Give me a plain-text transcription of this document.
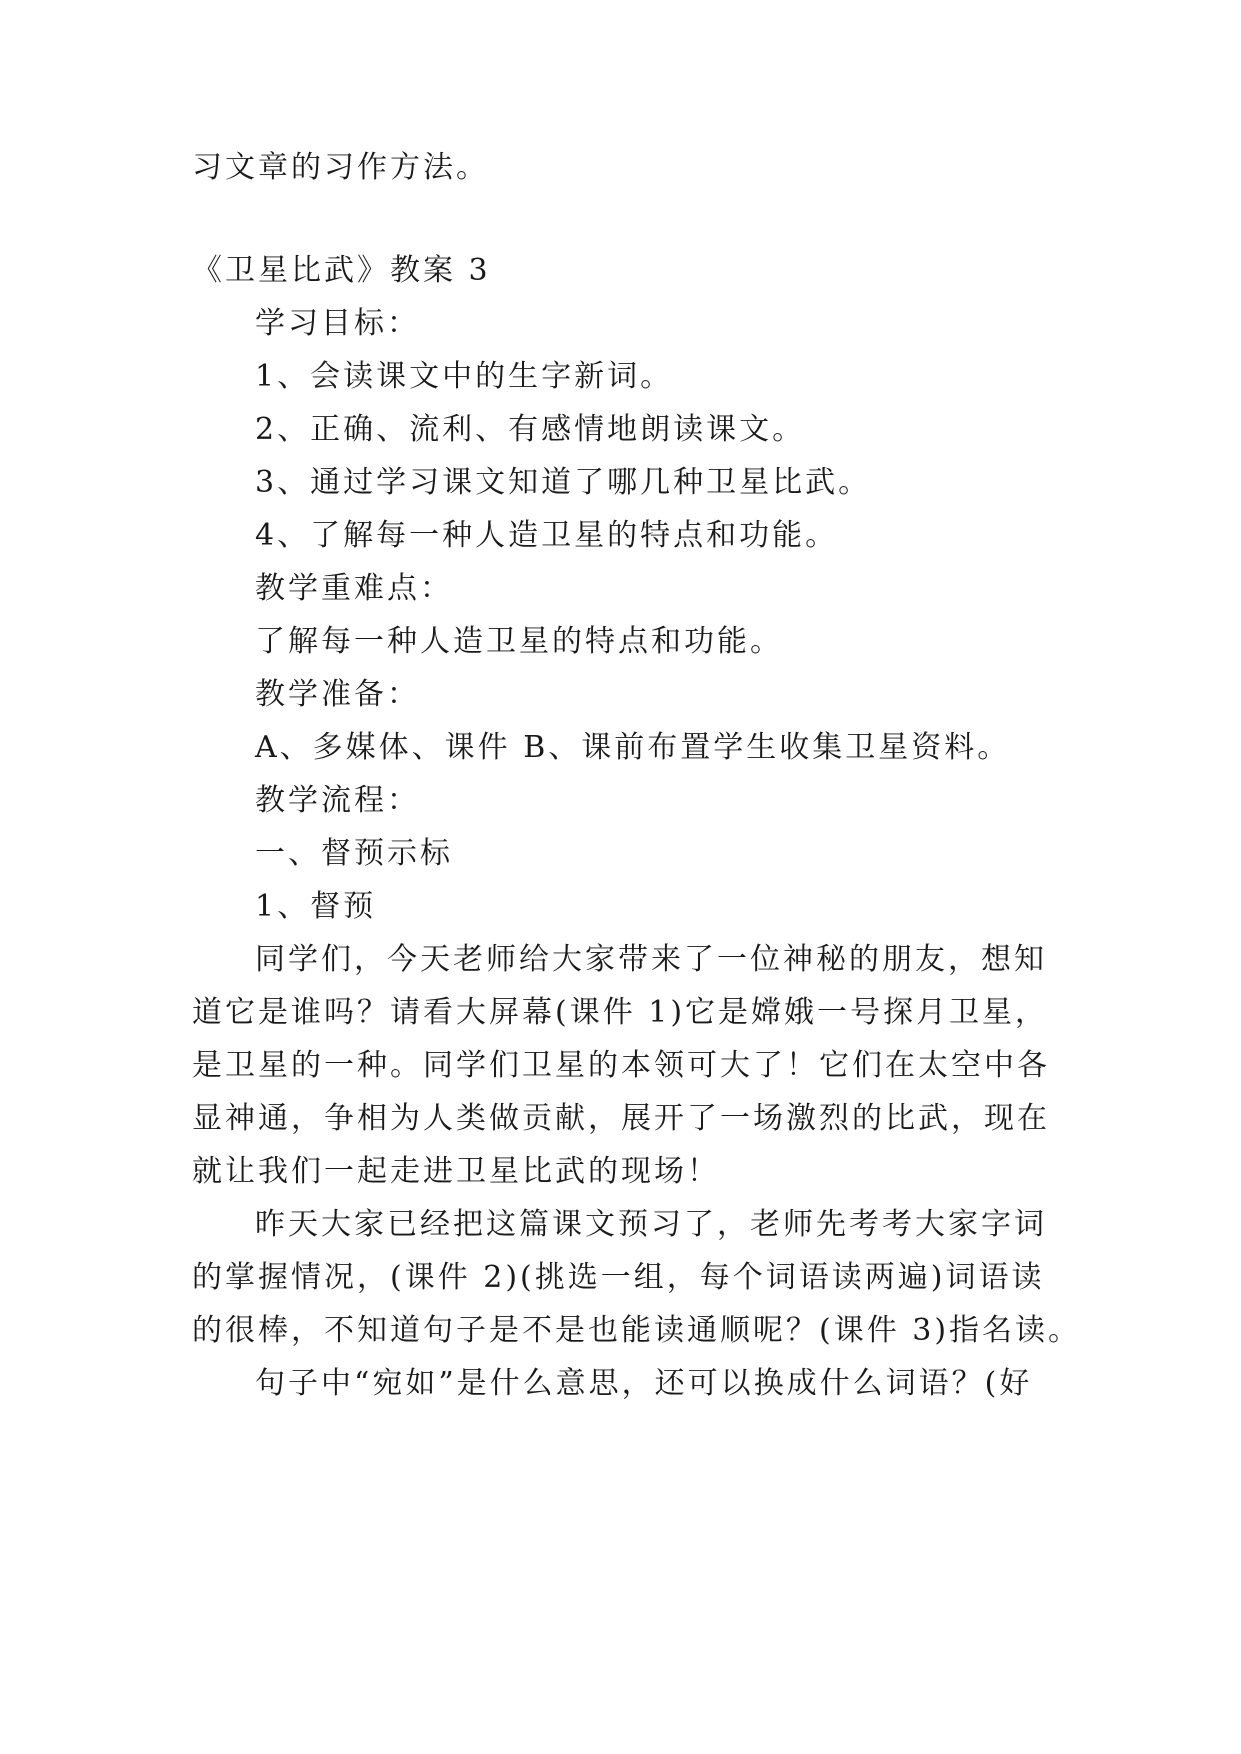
习文章的习作方法。
《卫星比武》教案 3
学习目标：
1、会读课文中的生字新词。
2、正确、流利、有感情地朗读课文。
3、通过学习课文知道了哪几种卫星比武。
4、了解每一种人造卫星的特点和功能。
教学重难点：
了解每一种人造卫星的特点和功能。
教学准备：
A、多媒体、课件 B、课前布置学生收集卫星资料。
教学流程：
一、督预示标
1、督预
同学们，今天老师给大家带来了一位神秘的朋友，想知
道它是谁吗？请看大屏幕(课件 1)它是嫦娥一号探月卫星，
是卫星的一种。同学们卫星的本领可大了！它们在太空中各
显神通，争相为人类做贡献，展开了一场激烈的比武，现在
就让我们一起走进卫星比武的现场！
昨天大家已经把这篇课文预习了，老师先考考大家字词
的掌握情况，(课件 2)(挑选一组，每个词语读两遍)词语读
的很棒，不知道句子是不是也能读通顺呢？(课件 3)指名读。
句子中“宛如”是什么意思，还可以换成什么词语？(好
